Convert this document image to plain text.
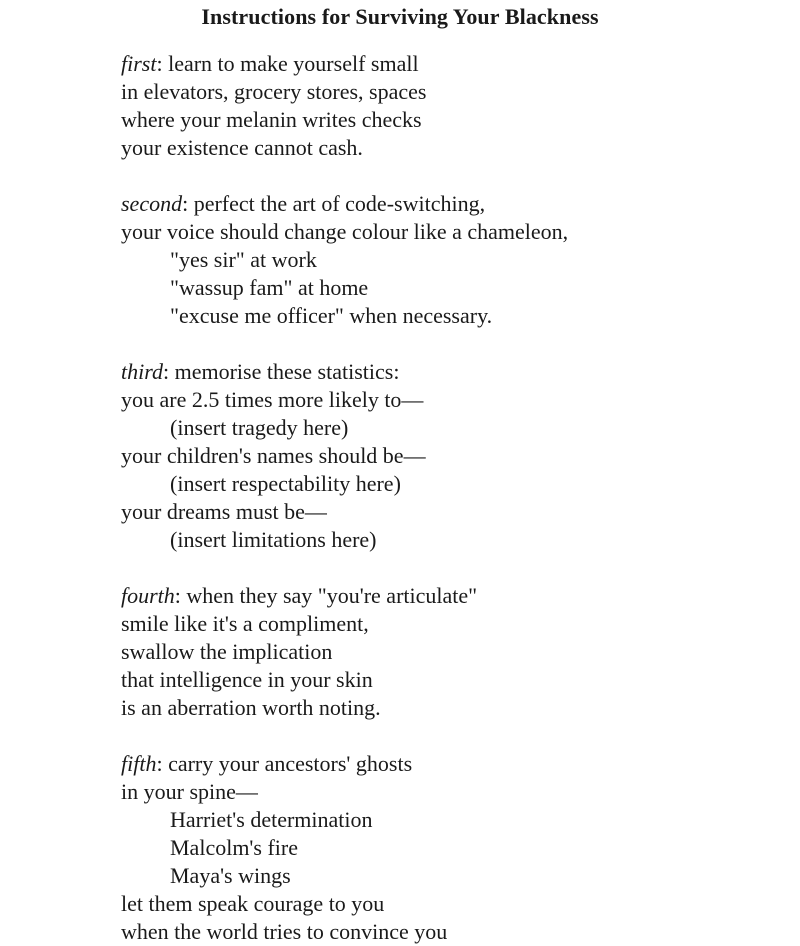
Instructions for Surviving Your Blackness
first: learn to make yourself small
in elevators, grocery stores, spaces
where your melanin writes checks
your existence cannot cash.
second: perfect the art of code-switching,
your voice should change colour like a chameleon,
"yes sir" at work
"wassup fam" at home
"excuse me officer" when necessary.
third: memorise these statistics:
you are 2.5 times more likely to—
(insert tragedy here)
your children's names should be—
(insert respectability here)
your dreams must be—
(insert limitations here)
fourth: when they say "you're articulate"
smile like it's a compliment,
swallow the implication
that intelligence in your skin
is an aberration worth noting.
fifth: carry your ancestors' ghosts
in your spine—
Harriet's determination
Malcolm's fire
Maya's wings
let them speak courage to you
when the world tries to convince you
